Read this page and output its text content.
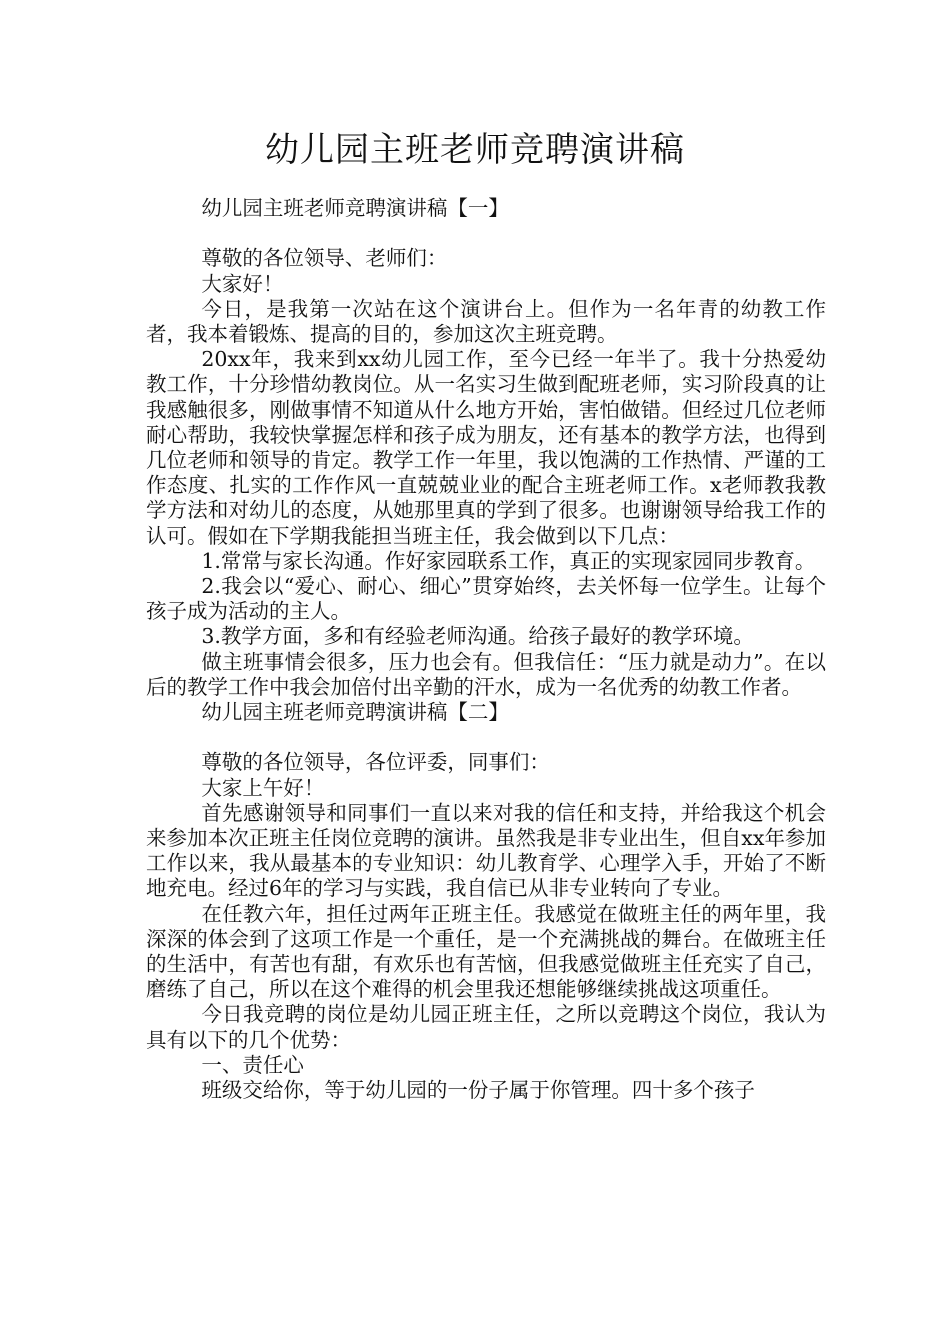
幼儿园主班老师竞聘演讲稿

幼儿园主班老师竞聘演讲稿【一】

尊敬的各位领导、老师们：

大家好！

今日，是我第一次站在这个演讲台上。但作为一名年青的幼教工作者，我本着锻炼、提高的目的，参加这次主班竞聘。

20xx年，我来到xx幼儿园工作，至今已经一年半了。我十分热爱幼教工作，十分珍惜幼教岗位。从一名实习生做到配班老师，实习阶段真的让我感触很多，刚做事情不知道从什么地方开始，害怕做错。但经过几位老师耐心帮助，我较快掌握怎样和孩子成为朋友，还有基本的教学方法，也得到几位老师和领导的肯定。教学工作一年里，我以饱满的工作热情、严谨的工作态度、扎实的工作作风一直兢兢业业的配合主班老师工作。x老师教我教学方法和对幼儿的态度，从她那里真的学到了很多。也谢谢领导给我工作的认可。假如在下学期我能担当班主任，我会做到以下几点：

1.常常与家长沟通。作好家园联系工作，真正的实现家园同步教育。

2.我会以“爱心、耐心、细心”贯穿始终，去关怀每一位学生。让每个孩子成为活动的主人。

3.教学方面，多和有经验老师沟通。给孩子最好的教学环境。

做主班事情会很多，压力也会有。但我信任：“压力就是动力”。在以后的教学工作中我会加倍付出辛勤的汗水，成为一名优秀的幼教工作者。

幼儿园主班老师竞聘演讲稿【二】

尊敬的各位领导，各位评委，同事们：

大家上午好！

首先感谢领导和同事们一直以来对我的信任和支持，并给我这个机会来参加本次正班主任岗位竞聘的演讲。虽然我是非专业出生，但自xx年参加工作以来，我从最基本的专业知识：幼儿教育学、心理学入手，开始了不断地充电。经过6年的学习与实践，我自信已从非专业转向了专业。

在任教六年，担任过两年正班主任。我感觉在做班主任的两年里，我深深的体会到了这项工作是一个重任，是一个充满挑战的舞台。在做班主任的生活中，有苦也有甜，有欢乐也有苦恼，但我感觉做班主任充实了自己，磨练了自己，所以在这个难得的机会里我还想能够继续挑战这项重任。

今日我竞聘的岗位是幼儿园正班主任，之所以竞聘这个岗位，我认为具有以下的几个优势：

一、责任心

班级交给你，等于幼儿园的一份子属于你管理。四十多个孩子
